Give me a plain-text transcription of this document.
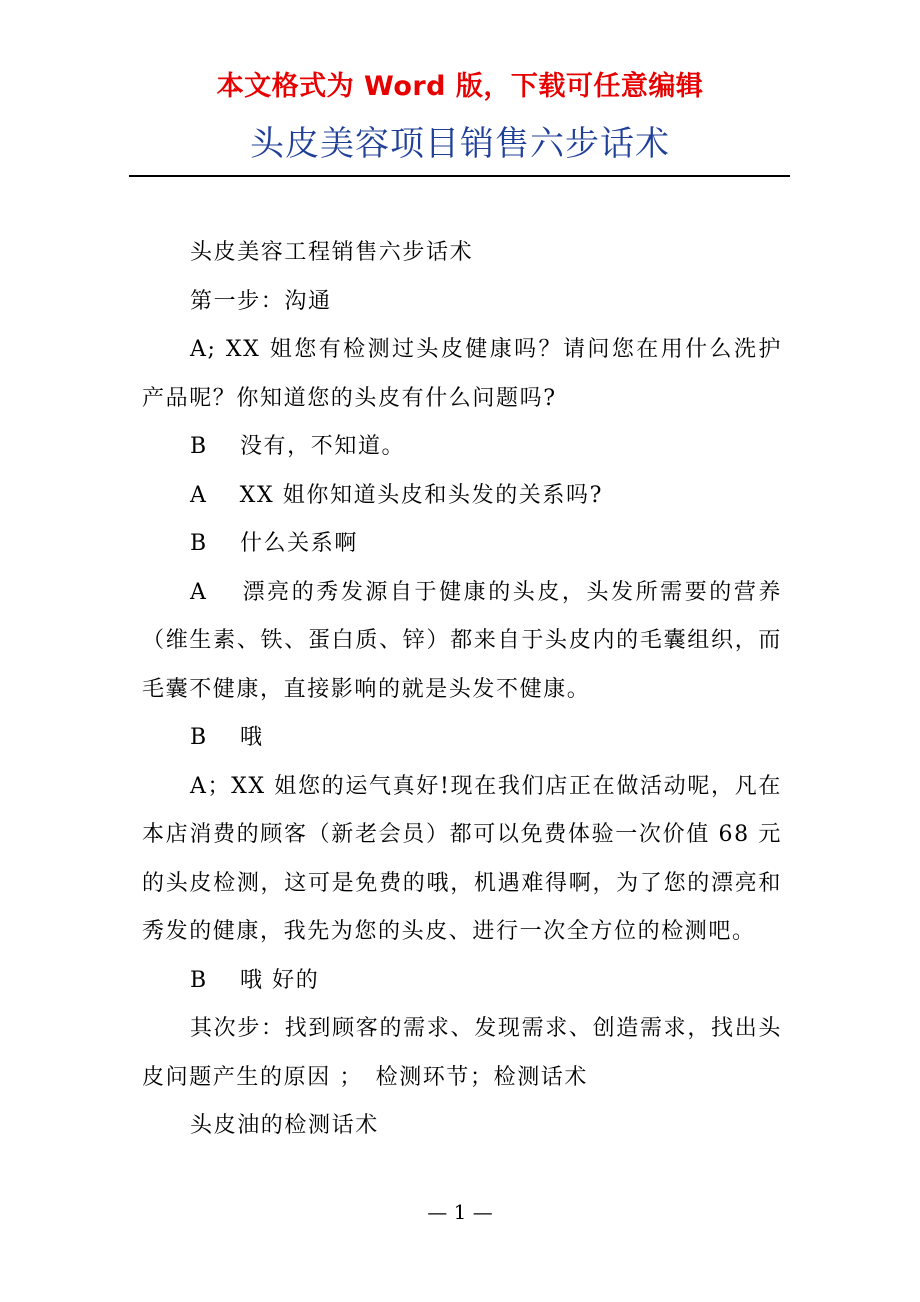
本文格式为 Word 版，下载可任意编辑
头皮美容项目销售六步话术

头皮美容工程销售六步话术

第一步：沟通

A; XX 姐您有检测过头皮健康吗？请问您在用什么洗护产品呢？你知道您的头皮有什么问题吗?

B　 没有，不知道。

A　 XX 姐你知道头皮和头发的关系吗?

B　 什么关系啊

A　 漂亮的秀发源自于健康的头皮，头发所需要的营养（维生素、铁、蛋白质、锌）都来自于头皮内的毛囊组织，而毛囊不健康，直接影响的就是头发不健康。

B　 哦

A；XX 姐您的运气真好!现在我们店正在做活动呢，凡在本店消费的顾客（新老会员）都可以免费体验一次价值 68 元的头皮检测，这可是免费的哦，机遇难得啊，为了您的漂亮和秀发的健康，我先为您的头皮、进行一次全方位的检测吧。

B　 哦 好的

其次步：找到顾客的需求、发现需求、创造需求，找出头皮问题产生的原因 ；　检测环节；检测话术

头皮油的检测话术

— 1 —
